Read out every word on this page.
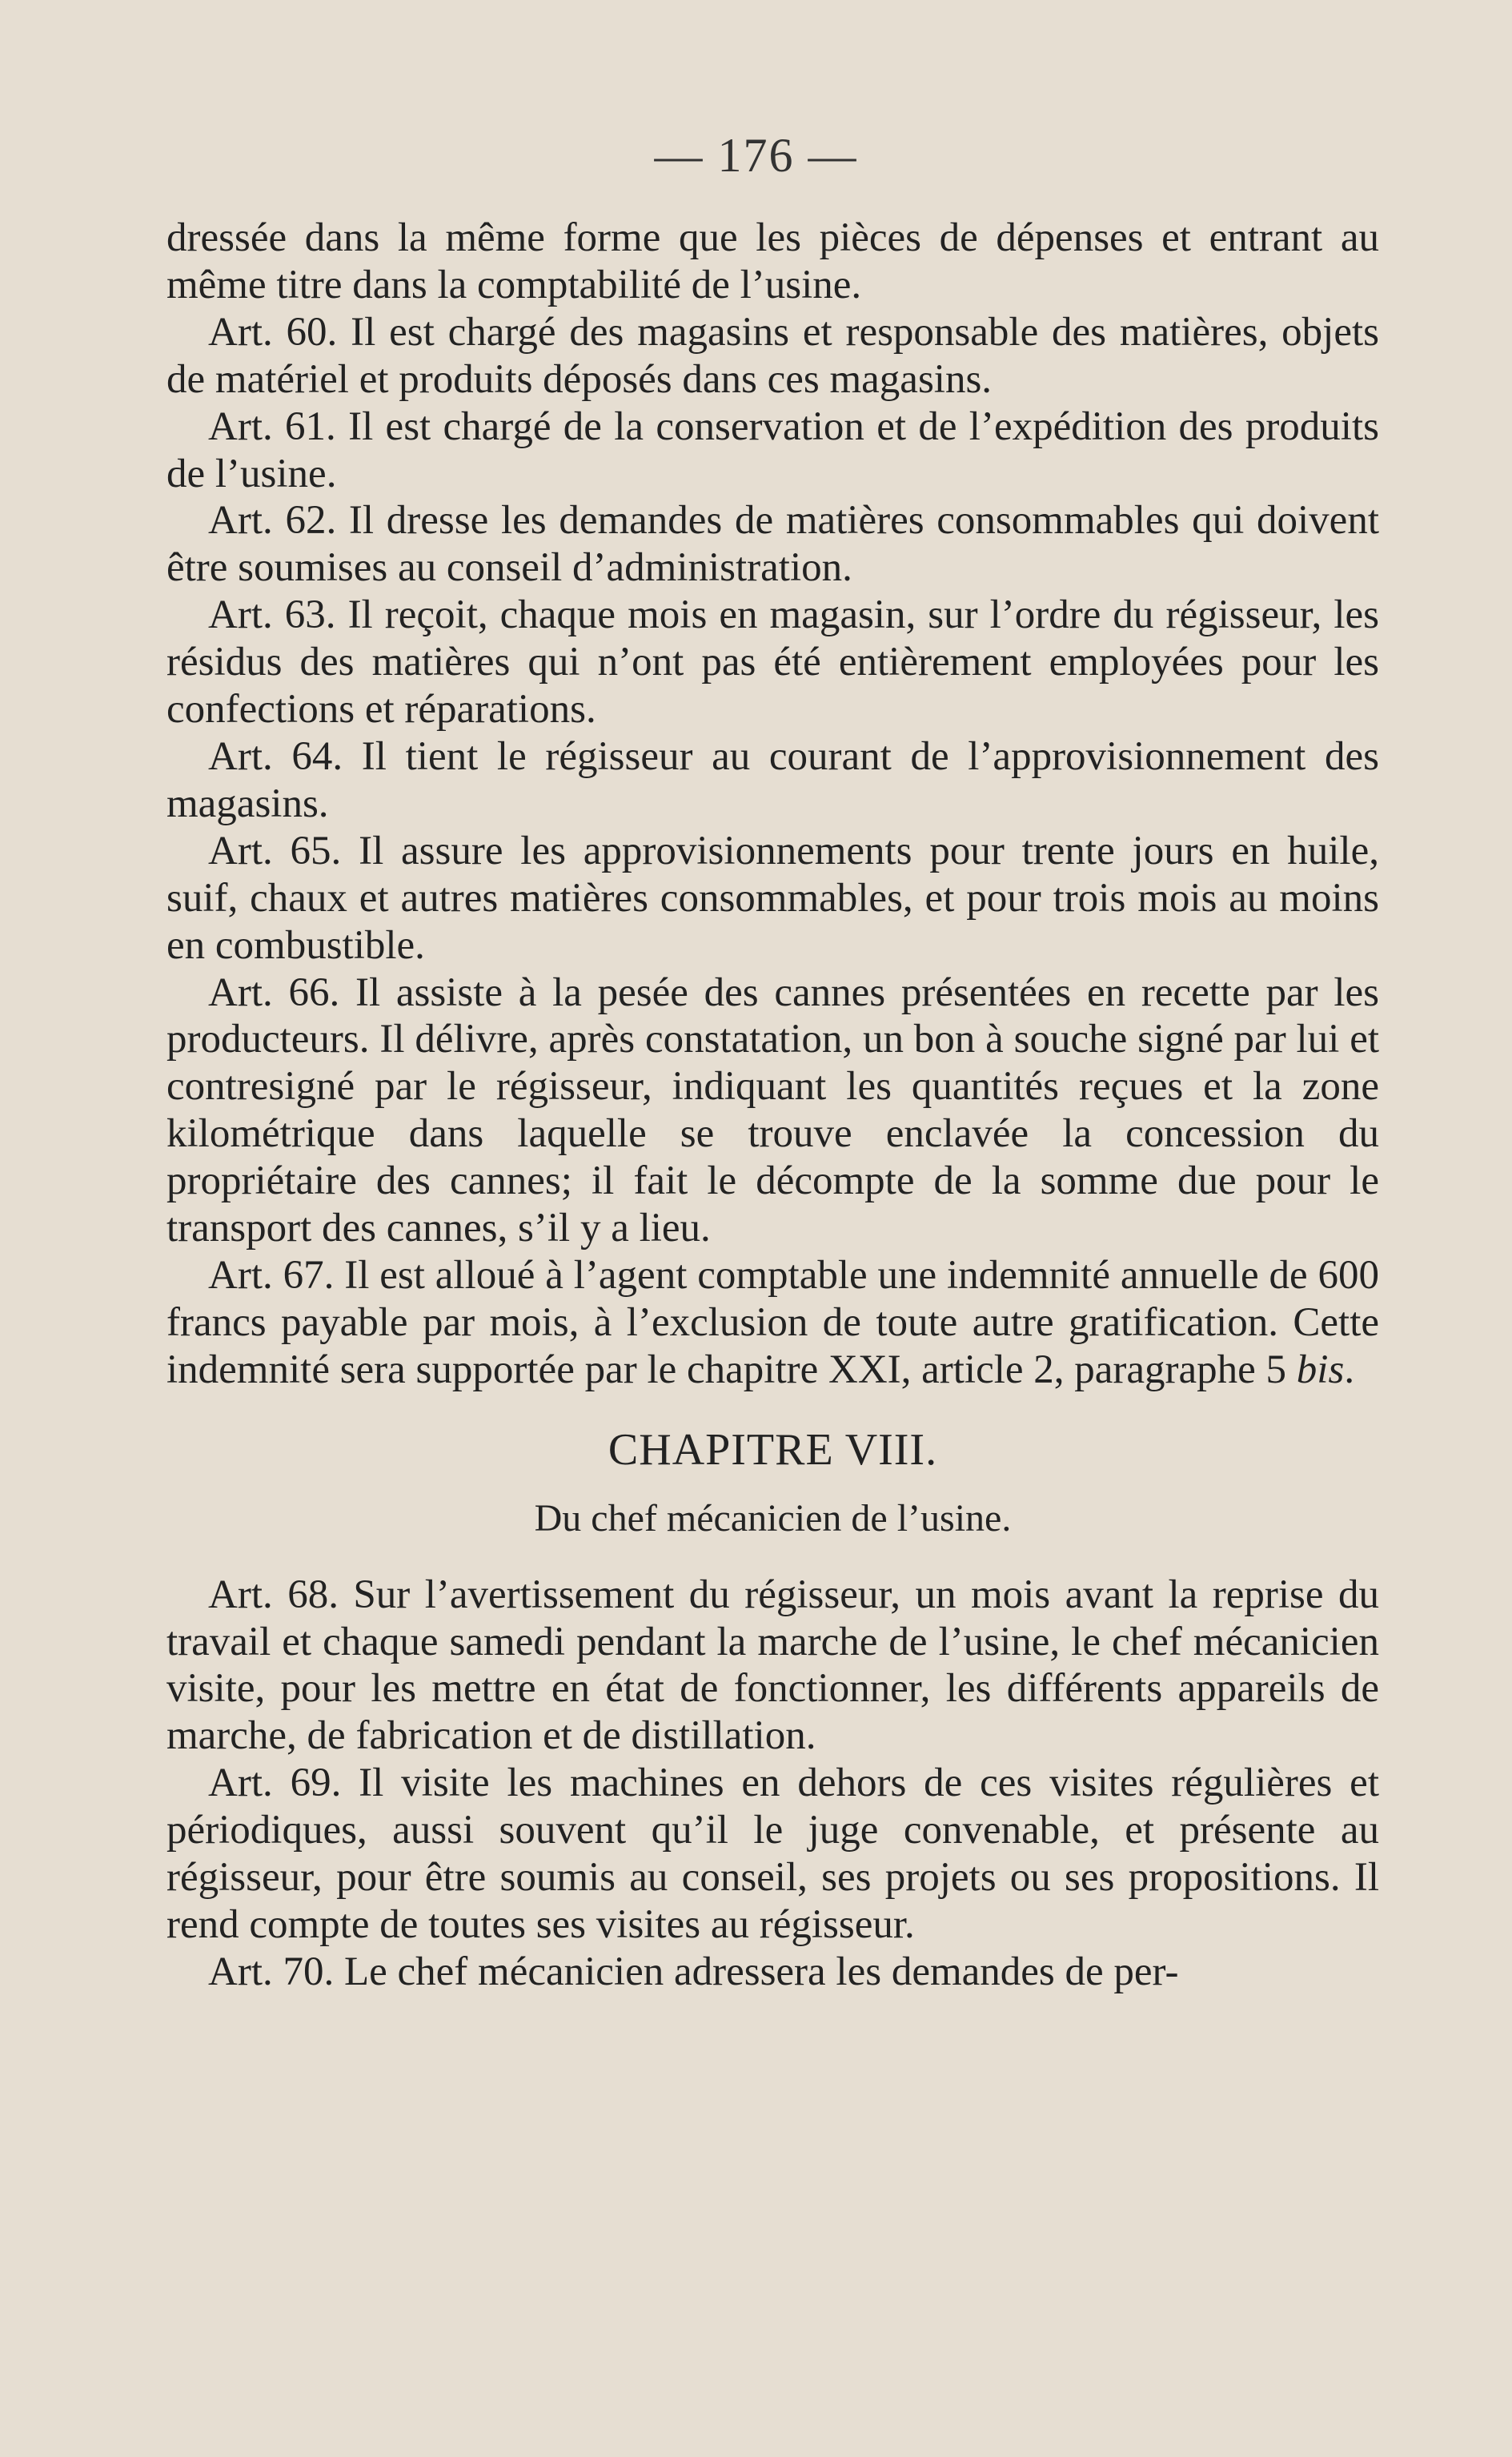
— 176 —

dressée dans la même forme que les pièces de dépenses et entrant au même titre dans la comptabilité de l’usine.

Art. 60. Il est chargé des magasins et responsable des matières, objets de matériel et produits déposés dans ces magasins.

Art. 61. Il est chargé de la conservation et de l’expédition des produits de l’usine.

Art. 62. Il dresse les demandes de matières consommables qui doivent être soumises au conseil d’administration.

Art. 63. Il reçoit, chaque mois en magasin, sur l’ordre du régisseur, les résidus des matières qui n’ont pas été entièrement employées pour les confections et réparations.

Art. 64. Il tient le régisseur au courant de l’approvisionnement des magasins.

Art. 65. Il assure les approvisionnements pour trente jours en huile, suif, chaux et autres matières consommables, et pour trois mois au moins en combustible.

Art. 66. Il assiste à la pesée des cannes présentées en recette par les producteurs. Il délivre, après constatation, un bon à souche signé par lui et contresigné par le régisseur, indiquant les quantités reçues et la zone kilométrique dans laquelle se trouve enclavée la concession du propriétaire des cannes; il fait le décompte de la somme due pour le transport des cannes, s’il y a lieu.

Art. 67. Il est alloué à l’agent comptable une indemnité annuelle de 600 francs payable par mois, à l’exclusion de toute autre gratification. Cette indemnité sera supportée par le chapitre XXI, article 2, paragraphe 5 bis.

CHAPITRE VIII.
Du chef mécanicien de l’usine.

Art. 68. Sur l’avertissement du régisseur, un mois avant la reprise du travail et chaque samedi pendant la marche de l’usine, le chef mécanicien visite, pour les mettre en état de fonctionner, les différents appareils de marche, de fabrication et de distillation.

Art. 69. Il visite les machines en dehors de ces visites régulières et périodiques, aussi souvent qu’il le juge convenable, et présente au régisseur, pour être soumis au conseil, ses projets ou ses propositions. Il rend compte de toutes ses visites au régisseur.

Art. 70. Le chef mécanicien adressera les demandes de per-
